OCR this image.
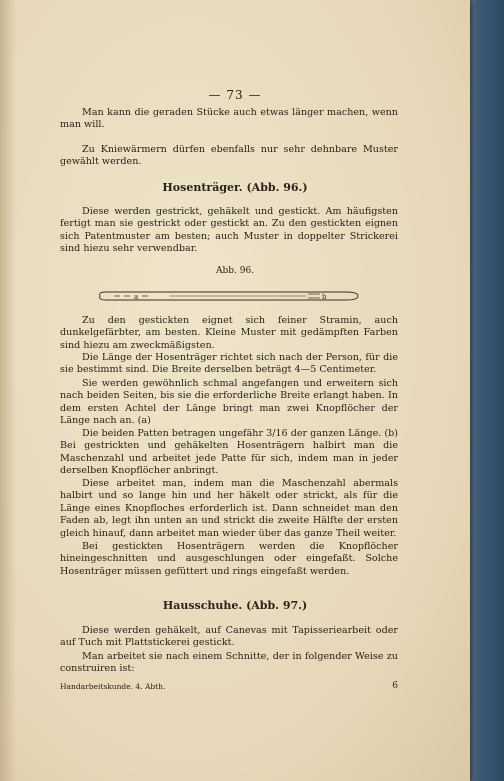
— 73 —

Man kann die geraden Stücke auch etwas länger machen, wenn man will.

Zu Kniewärmern dürfen ebenfalls nur sehr dehnbare Muster gewählt werden.

Hosenträger. (Abb. 96.)

Diese werden gestrickt, gehäkelt und gestickt. Am häufigsten fertigt man sie gestrickt oder gestickt an. Zu den gestickten eignen sich Patentmuster am besten; auch Muster in doppelter Strickerei sind hiezu sehr verwendbar.

Abb. 96.
a	b

Zu den gestickten eignet sich feiner Stramin, auch dunkelgefärbter, am besten. Kleine Muster mit gedämpften Farben sind hiezu am zweckmäßigsten.

Die Länge der Hosenträger richtet sich nach der Person, für die sie bestimmt sind. Die Breite derselben beträgt 4—5 Centimeter.

Sie werden gewöhnlich schmal angefangen und erweitern sich nach beiden Seiten, bis sie die erforderliche Breite erlangt haben. In dem ersten Achtel der Länge bringt man zwei Knopflöcher der Länge nach an. (a)

Die beiden Patten betragen ungefähr 3/16 der ganzen Länge. (b) Bei gestrickten und gehäkelten Hosenträgern halbirt man die Maschenzahl und arbeitet jede Patte für sich, indem man in jeder derselben Knopflöcher anbringt.

Diese arbeitet man, indem man die Maschenzahl abermals halbirt und so lange hin und her häkelt oder strickt, als für die Länge eines Knopfloches erforderlich ist. Dann schneidet man den Faden ab, legt ihn unten an und strickt die zweite Hälfte der ersten gleich hinauf, dann arbeitet man wieder über das ganze Theil weiter.

Bei gestickten Hosenträgern werden die Knopflöcher hineingeschnitten und ausgeschlungen oder eingefaßt. Solche Hosenträger müssen gefüttert und rings eingefaßt werden.

Hausschuhe. (Abb. 97.)

Diese werden gehäkelt, auf Canevas mit Tapisseriearbeit oder auf Tuch mit Plattstickerei gestickt.

Man arbeitet sie nach einem Schnitte, der in folgender Weise zu construiren ist:

Handarbeitskunde. 4. Abth.	6
